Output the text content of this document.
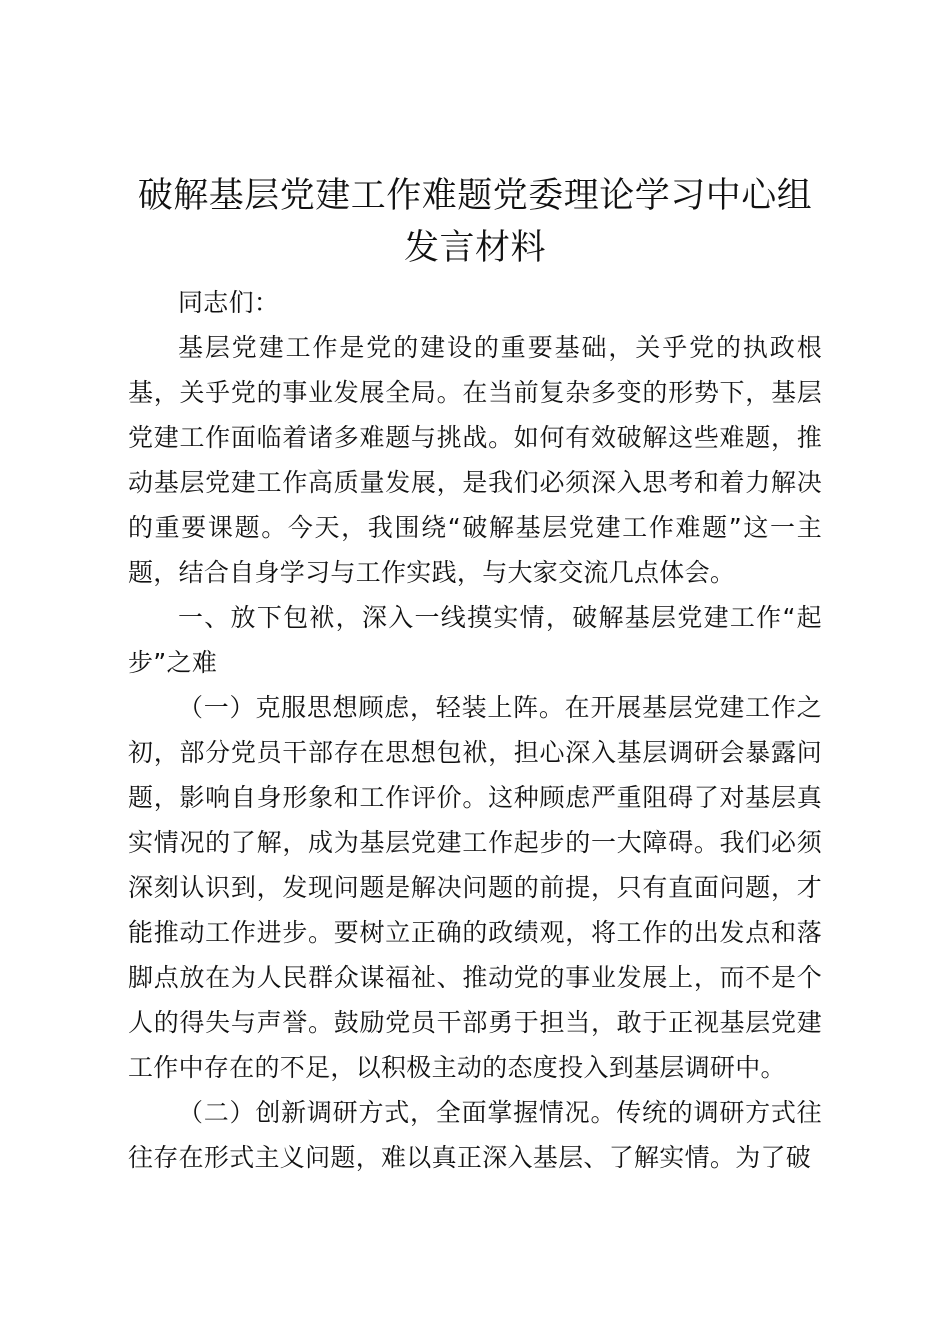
破解基层党建工作难题党委理论学习中心组发言材料

同志们：

基层党建工作是党的建设的重要基础，关乎党的执政根基，关乎党的事业发展全局。在当前复杂多变的形势下，基层党建工作面临着诸多难题与挑战。如何有效破解这些难题，推动基层党建工作高质量发展，是我们必须深入思考和着力解决的重要课题。今天，我围绕“破解基层党建工作难题”这一主题，结合自身学习与工作实践，与大家交流几点体会。

一、放下包袱，深入一线摸实情，破解基层党建工作“起步”之难

（一）克服思想顾虑，轻装上阵。在开展基层党建工作之初，部分党员干部存在思想包袱，担心深入基层调研会暴露问题，影响自身形象和工作评价。这种顾虑严重阻碍了对基层真实情况的了解，成为基层党建工作起步的一大障碍。我们必须深刻认识到，发现问题是解决问题的前提，只有直面问题，才能推动工作进步。要树立正确的政绩观，将工作的出发点和落脚点放在为人民群众谋福祉、推动党的事业发展上，而不是个人的得失与声誉。鼓励党员干部勇于担当，敢于正视基层党建工作中存在的不足，以积极主动的态度投入到基层调研中。

（二）创新调研方式，全面掌握情况。传统的调研方式往往存在形式主义问题，难以真正深入基层、了解实情。为了破
